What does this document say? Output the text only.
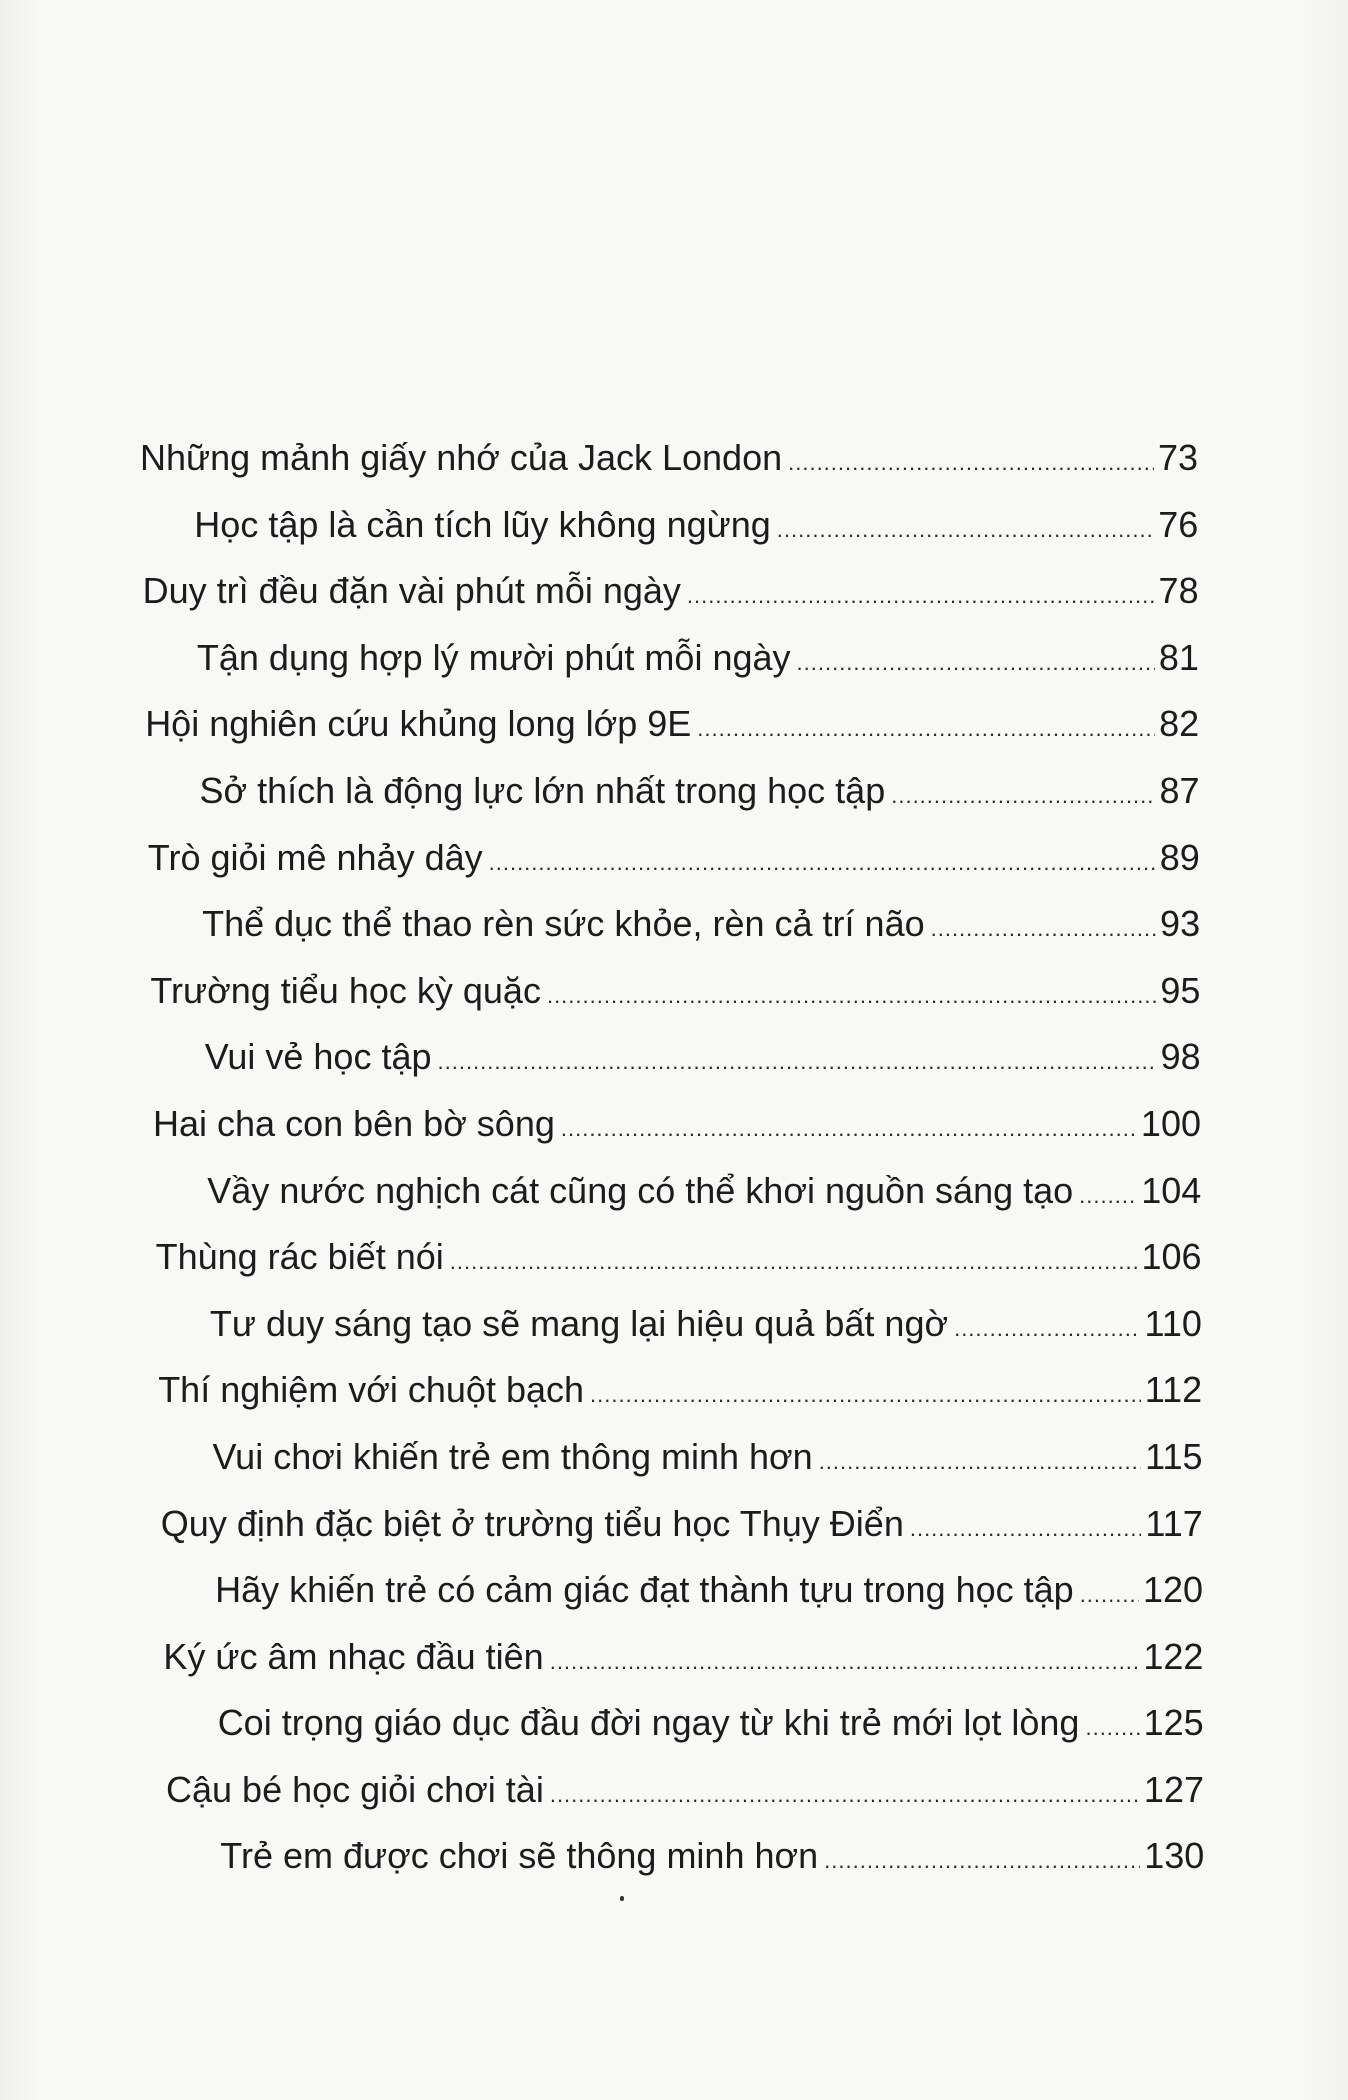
Những mảnh giấy nhớ của Jack London .....	73
Học tập là cần tích lũy không ngừng .....	76
Duy trì đều đặn vài phút mỗi ngày .....	78
Tận dụng hợp lý mười phút mỗi ngày .....	81
Hội nghiên cứu khủng long lớp 9E .....	82
Sở thích là động lực lớn nhất trong học tập .....	87
Trò giỏi mê nhảy dây .....	89
Thể dục thể thao rèn sức khỏe, rèn cả trí não .....	93
Trường tiểu học kỳ quặc .....	95
Vui vẻ học tập .....	98
Hai cha con bên bờ sông .....	100
Vầy nước nghịch cát cũng có thể khơi nguồn sáng tạo ..... 104
Thùng rác biết nói .....	106
Tư duy sáng tạo sẽ mang lại hiệu quả bất ngờ .....	110
Thí nghiệm với chuột bạch .....	112
Vui chơi khiến trẻ em thông minh hơn .....	115
Quy định đặc biệt ở trường tiểu học Thụy Điển .....	117
Hãy khiến trẻ có cảm giác đạt thành tựu trong học tập ..... 120
Ký ức âm nhạc đầu tiên .....	122
Coi trọng giáo dục đầu đời ngay từ khi trẻ mới lọt lòng ..... 125
Cậu bé học giỏi chơi tài .....	127
Trẻ em được chơi sẽ thông minh hơn .....	130
